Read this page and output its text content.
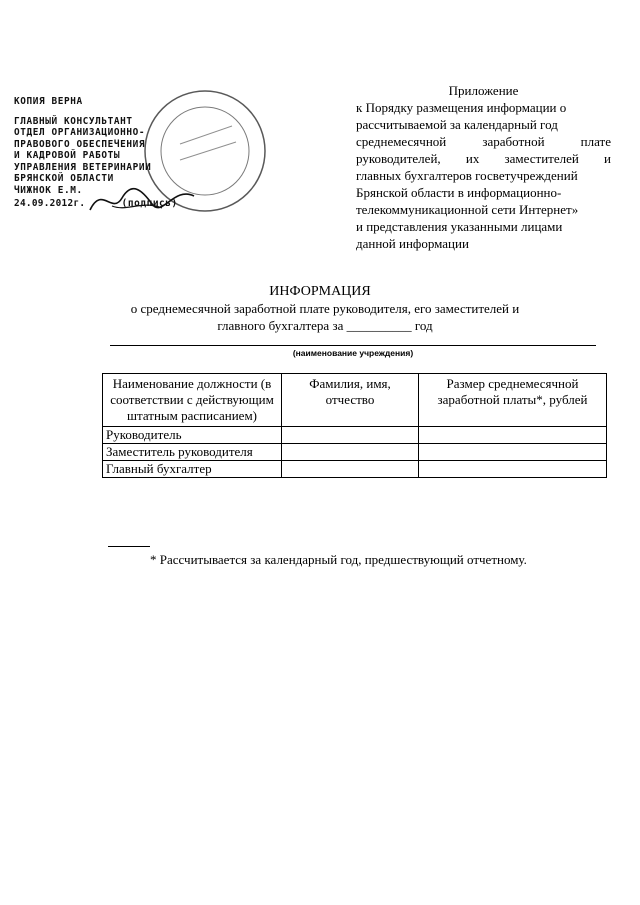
Приложение
к Порядку размещения информации о
рассчитываемой за календарный год
среднемесячной заработной плате
руководителей, их заместителей и
главных бухгалтеров госветучреждений
Брянской области в информационно-
телекоммуникационной сети Интернет»
и представления указанными лицами
данной информации
КОПИЯ ВЕРНА
ГЛАВНЫЙ КОНСУЛЬТАНТ
ОТДЕЛ ОРГАНИЗАЦИОННО-
ПРАВОВОГО ОБЕСПЕЧЕНИЯ
И КАДРОВОЙ РАБОТЫ
УПРАВЛЕНИЯ ВЕТЕРИНАРИИ
БРЯНСКОЙ ОБЛАСТИ
ЧИЖНОК Е.М.
24.09.2012г.	(подпись)
ИНФОРМАЦИЯ
о среднемесячной заработной плате руководителя, его заместителей и
главного бухгалтера за __________ год
(наименование учреждения)
Наименование должности (в соответствии с действующим штатным расписанием)	Фамилия, имя, отчество	Размер среднемесячной заработной платы*, рублей
Руководитель		
Заместитель руководителя		
Главный бухгалтер		
* Рассчитывается за календарный год, предшествующий отчетному.
